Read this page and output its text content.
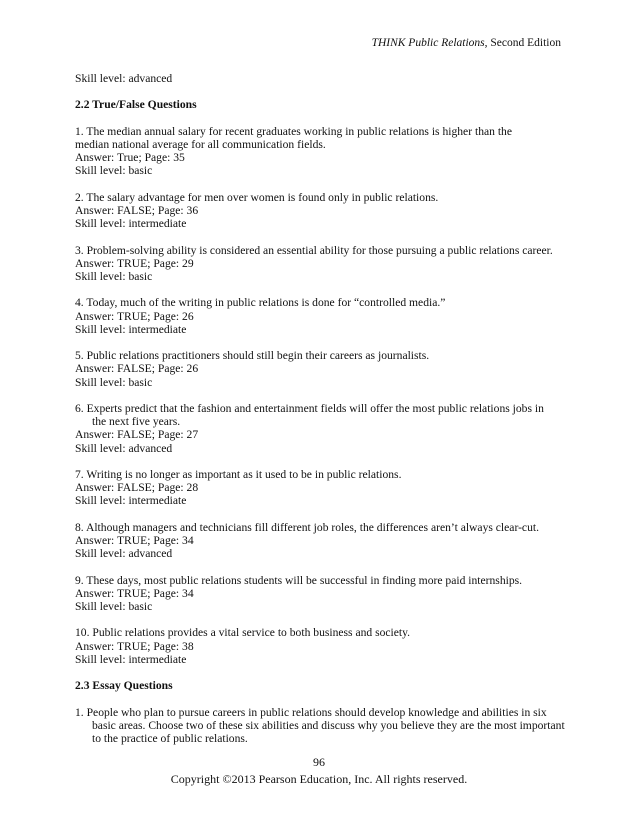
THINK Public Relations, Second Edition
Skill level: advanced
2.2 True/False Questions
1. The median annual salary for recent graduates working in public relations is higher than the
median national average for all communication fields.
Answer: True; Page: 35
Skill level: basic
2. The salary advantage for men over women is found only in public relations.
Answer: FALSE; Page: 36
Skill level: intermediate
3. Problem-solving ability is considered an essential ability for those pursuing a public relations career.
Answer: TRUE; Page: 29
Skill level: basic
4. Today, much of the writing in public relations is done for “controlled media.”
Answer: TRUE; Page: 26
Skill level: intermediate
5. Public relations practitioners should still begin their careers as journalists.
Answer: FALSE; Page: 26
Skill level: basic
6. Experts predict that the fashion and entertainment fields will offer the most public relations jobs in
the next five years.
Answer: FALSE; Page: 27
Skill level: advanced
7. Writing is no longer as important as it used to be in public relations.
Answer: FALSE; Page: 28
Skill level: intermediate
8. Although managers and technicians fill different job roles, the differences aren’t always clear-cut.
Answer: TRUE; Page: 34
Skill level: advanced
9. These days, most public relations students will be successful in finding more paid internships.
Answer: TRUE; Page: 34
Skill level: basic
10. Public relations provides a vital service to both business and society.
Answer: TRUE; Page: 38
Skill level: intermediate
2.3 Essay Questions
1. People who plan to pursue careers in public relations should develop knowledge and abilities in six
basic areas. Choose two of these six abilities and discuss why you believe they are the most important
to the practice of public relations.
96
Copyright ©2013 Pearson Education, Inc. All rights reserved.
